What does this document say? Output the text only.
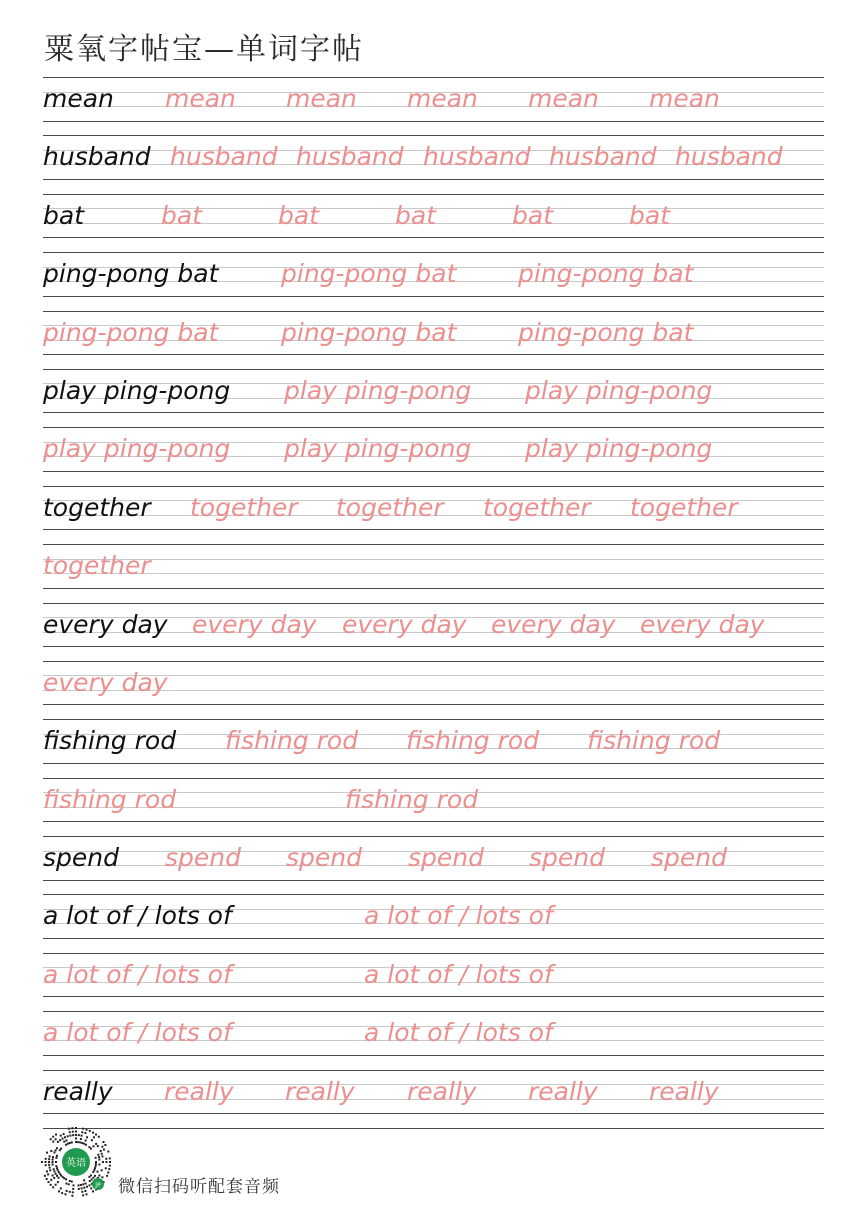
粟氧字帖宝—单词字帖
mean mean mean mean mean mean
husband husband husband husband husband husband
bat	bat	bat	bat	bat	bat
ping-pong bat	ping-pong bat ping-pong bat
ping-pong bat	ping-pong bat ping-pong bat
play ping-pong play ping-pong play ping-pong
play ping-pong play ping-pong play ping-pong
together together together together together
together
every day every day every day every day every day
every day
fishing rod fishing rod fishing rod fishing rod
fishing rod	fishing rod
spend spend spend spend spend spend
a lot of / lots of	a lot of / lots of
a lot of / lots of	a lot of / lots of
a lot of / lots of	a lot of / lots of
really really really really really really
英语
JP 微信扫码听配套音频
